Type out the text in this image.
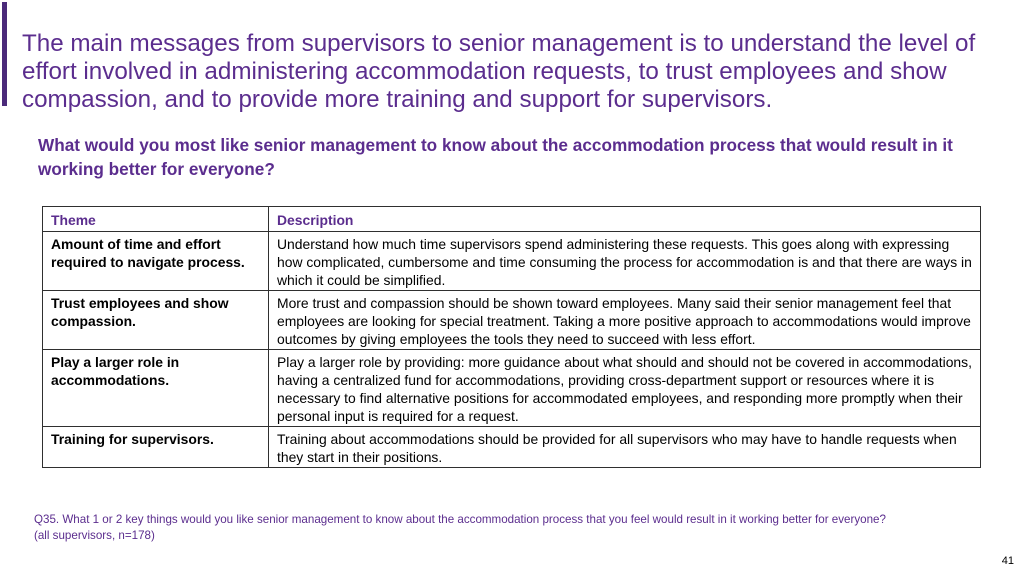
The main messages from supervisors to senior management is to understand the level of effort involved in administering accommodation requests, to trust employees and show compassion, and to provide more training and support for supervisors.
What would you most like senior management to know about the accommodation process that would result in it working better for everyone?
Theme	Description
Amount of time and effort required to navigate process.	Understand how much time supervisors spend administering these requests. This goes along with expressing how complicated, cumbersome and time consuming the process for accommodation is and that there are ways in which it could be simplified.
Trust employees and show compassion.	More trust and compassion should be shown toward employees. Many said their senior management feel that employees are looking for special treatment. Taking a more positive approach to accommodations would improve outcomes by giving employees the tools they need to succeed with less effort.
Play a larger role in accommodations.	Play a larger role by providing: more guidance about what should and should not be covered in accommodations, having a centralized fund for accommodations, providing cross-department support or resources where it is necessary to find alternative positions for accommodated employees, and responding more promptly when their personal input is required for a request.
Training for supervisors.	Training about accommodations should be provided for all supervisors who may have to handle requests when they start in their positions.
Q35. What 1 or 2 key things would you like senior management to know about the accommodation process that you feel would result in it working better for everyone?
(all supervisors, n=178)
41
